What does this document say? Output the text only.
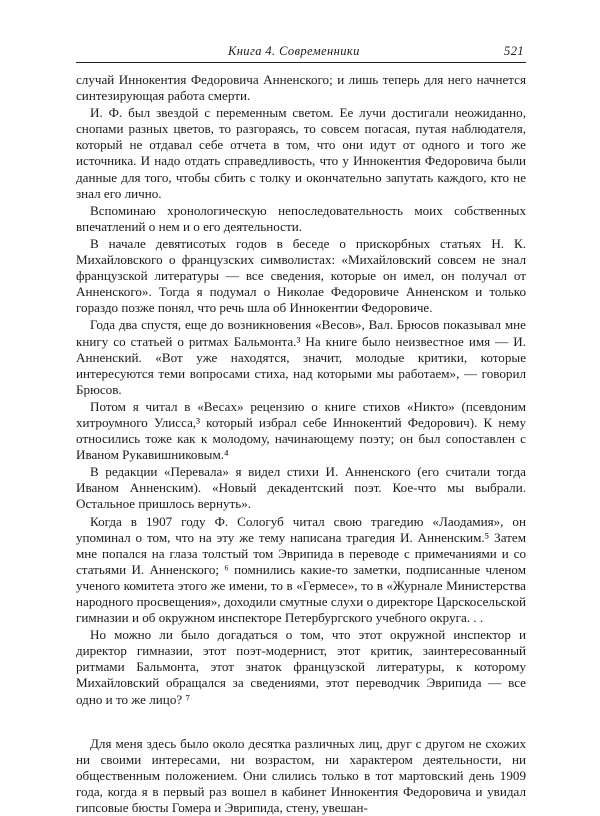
Книга 4. Современники	521

случай Иннокентия Федоровича Анненского; и лишь теперь для него начнется синтезирующая работа смерти.

И. Ф. был звездой с переменным светом. Ее лучи достигали неожиданно, снопами разных цветов, то разгораясь, то совсем погасая, путая наблюдателя, который не отдавал себе отчета в том, что они идут от одного и того же источника. И надо отдать справедливость, что у Иннокентия Федоровича были данные для того, чтобы сбить с толку и окончательно запутать каждого, кто не знал его лично.

Вспоминаю хронологическую непоследовательность моих собственных впечатлений о нем и о его деятельности.

В начале девятисотых годов в беседе о прискорбных статьях Н. К. Михайловского о французских символистах: «Михайловский совсем не знал французской литературы — все сведения, которые он имел, он получал от Анненского». Тогда я подумал о Николае Федоровиче Анненском и только гораздо позже понял, что речь шла об Иннокентии Федоровиче.

Года два спустя, еще до возникновения «Весов», Вал. Брюсов показывал мне книгу со статьей о ритмах Бальмонта.³ На книге было неизвестное имя — И. Анненский. «Вот уже находятся, значит, молодые критики, которые интересуются теми вопросами стиха, над которыми мы работаем», — говорил Брюсов.

Потом я читал в «Весах» рецензию о книге стихов «Никто» (псевдоним хитроумного Улисса,³ который избрал себе Иннокентий Федорович). К нему относились тоже как к молодому, начинающему поэту; он был сопоставлен с Иваном Рукавишниковым.⁴

В редакции «Перевала» я видел стихи И. Анненского (его считали тогда Иваном Анненским). «Новый декадентский поэт. Кое-что мы выбрали. Остальное пришлось вернуть».

Когда в 1907 году Ф. Сологуб читал свою трагедию «Лаодамия», он упоминал о том, что на эту же тему написана трагедия И. Анненским.⁵ Затем мне попался на глаза толстый том Эврипида в переводе с примечаниями и со статьями И. Анненского; ⁶ помнились какие-то заметки, подписанные членом ученого комитета этого же имени, то в «Гермесе», то в «Журнале Министерства народного просвещения», доходили смутные слухи о директоре Царскосельской гимназии и об окружном инспекторе Петербургского учебного округа. . .

Но можно ли было догадаться о том, что этот окружной инспектор и директор гимназии, этот поэт-модернист, этот критик, заинтересованный ритмами Бальмонта, этот знаток французской литературы, к которому Михайловский обращался за сведениями, этот переводчик Эврипида — все одно и то же лицо? ⁷

Для меня здесь было около десятка различных лиц, друг с другом не схожих ни своими интересами, ни возрастом, ни характером деятельности, ни общественным положением. Они слились только в тот мартовский день 1909 года, когда я в первый раз вошел в кабинет Иннокентия Федоровича и увидал гипсовые бюсты Гомера и Эврипида, стену, увешан-
